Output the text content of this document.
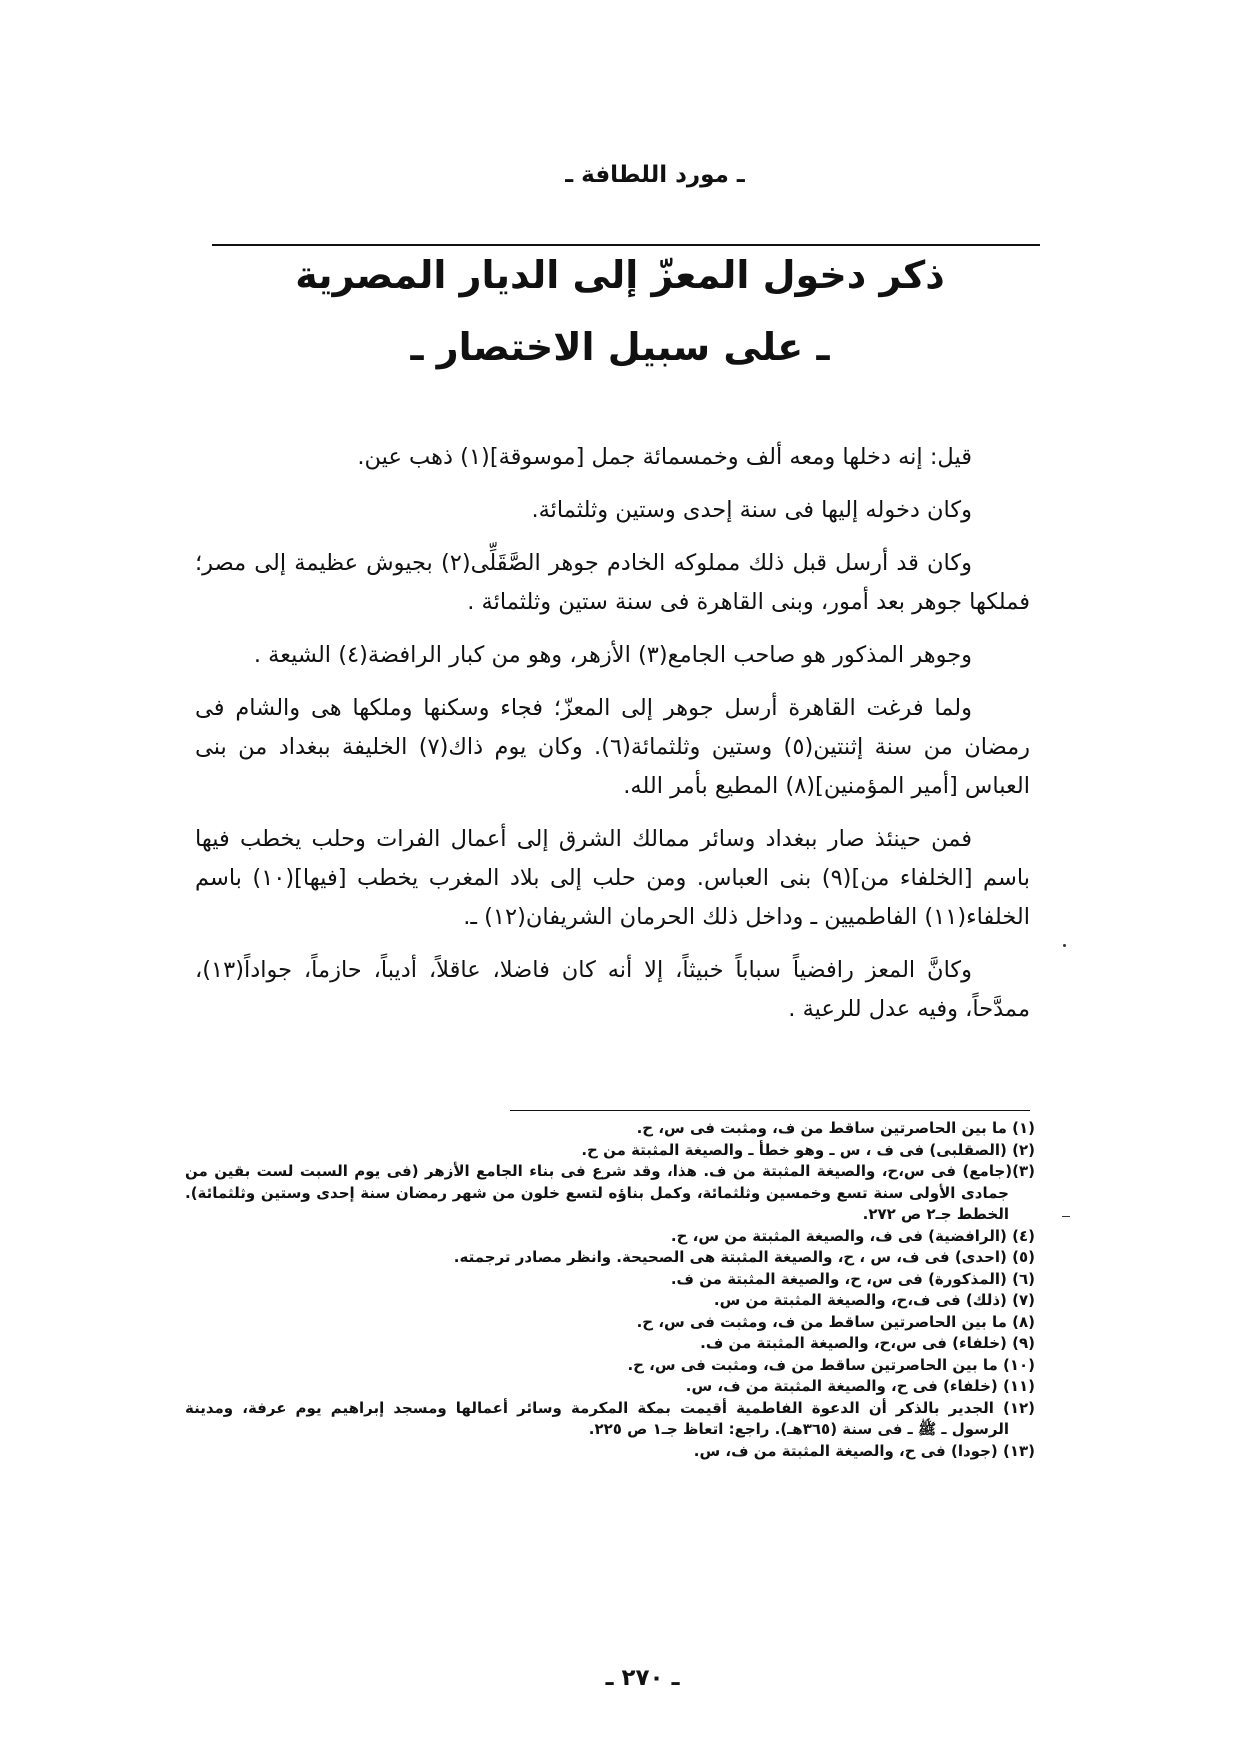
ـ مورد اللطافة ـ
ذكر دخول المعزّ إلى الديار المصرية
ـ على سبيل الاختصار ـ

قيل: إنه دخلها ومعه ألف وخمسمائة جمل [موسوقة](١) ذهب عين.

وكان دخوله إليها فى سنة إحدى وستين وثلثمائة.

وكان قد أرسل قبل ذلك مملوكه الخادم جوهر الصَّقَلِّى(٢) بجيوش عظيمة إلى مصر؛ فملكها جوهر بعد أمور، وبنى القاهرة فى سنة ستين وثلثمائة .

وجوهر المذكور هو صاحب الجامع(٣) الأزهر، وهو من كبار الرافضة(٤) الشيعة .

ولما فرغت القاهرة أرسل جوهر إلى المعزّ؛ فجاء وسكنها وملكها هى والشام فى رمضان من سنة إثنتين(٥) وستين وثلثمائة(٦). وكان يوم ذاك(٧) الخليفة ببغداد من بنى العباس [أمير المؤمنين](٨) المطيع بأمر الله.

فمن حينئذ صار ببغداد وسائر ممالك الشرق إلى أعمال الفرات وحلب يخطب فيها باسم [الخلفاء من](٩) بنى العباس. ومن حلب إلى بلاد المغرب يخطب [فيها](١٠) باسم الخلفاء(١١) الفاطميين ـ وداخل ذلك الحرمان الشريفان(١٢) ـ.

وكانَّ المعز رافضياً سباباً خبيثاً، إلا أنه كان فاضلا، عاقلاً، أديباً، حازماً، جواداً(١٣)، ممدَّحاً، وفيه عدل للرعية .

(١) ما بين الحاصرتين ساقط من ف، ومثبت فى س، ح.

(٢) (الصقلبى) فى ف ، س ـ وهو خطأ ـ والصيغة المثبتة من ح.

(٣)(جامع) فى س،ح، والصيغة المثبتة من ف. هذا، وقد شرع فى بناء الجامع الأزهر (فى يوم السبت لست بقين من جمادى الأولى سنة تسع وخمسين وثلثمائة، وكمل بناؤه لتسع خلون من شهر رمضان سنة إحدى وستين وثلثمائة). الخطط جـ٢ ص ٢٧٢.

(٤) (الرافضية) فى ف، والصيغة المثبتة من س، ح.

(٥) (احدى) فى ف، س ، ح، والصيغة المثبتة هى الصحيحة. وانظر مصادر ترجمته.

(٦) (المذكورة) فى س، ح، والصيغة المثبتة من ف.

(٧) (ذلك) فى ف،ح، والصيغة المثبتة من س.

(٨) ما بين الحاصرتين ساقط من ف، ومثبت فى س، ح.

(٩) (خلفاء) فى س،ح، والصيغة المثبتة من ف.

(١٠) ما بين الحاصرتين ساقط من ف، ومثبت فى س، ح.

(١١) (خلفاء) فى ح، والصيغة المثبتة من ف، س.

(١٢) الجدير بالذكر أن الدعوة الفاطمية أقيمت بمكة المكرمة وسائر أعمالها ومسجد إبراهيم يوم عرفة، ومدينة الرسول ـ ﷺ ـ فى سنة (٣٦٥هـ). راجع: اتعاظ جـ١ ص ٢٢٥.

(١٣) (جودا) فى ح، والصيغة المثبتة من ف، س.

ـ ٢٧٠ ـ
